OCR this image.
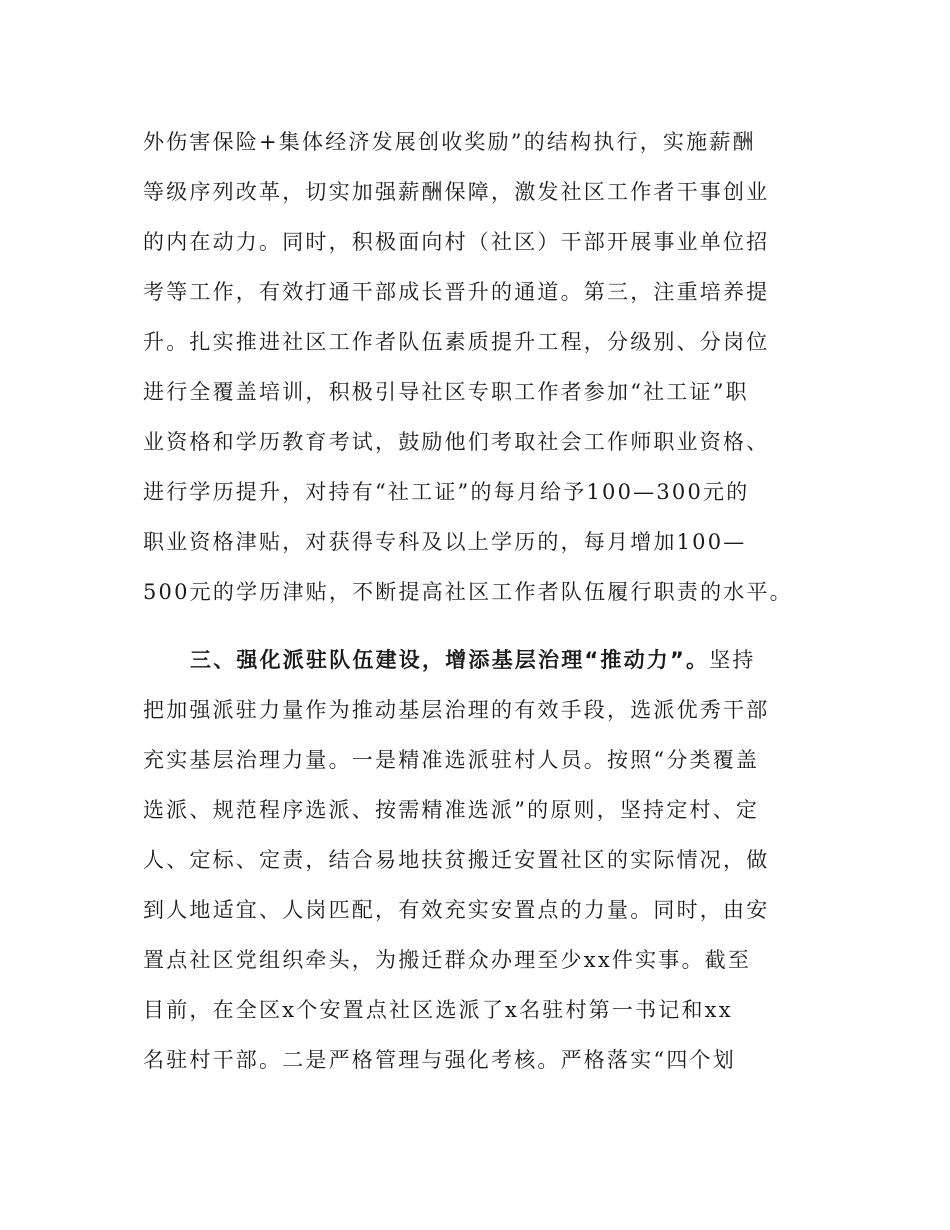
外伤害保险+集体经济发展创收奖励”的结构执行，实施薪酬
等级序列改革，切实加强薪酬保障，激发社区工作者干事创业
的内在动力。同时，积极面向村（社区）干部开展事业单位招
考等工作，有效打通干部成长晋升的通道。第三，注重培养提
升。扎实推进社区工作者队伍素质提升工程，分级别、分岗位
进行全覆盖培训，积极引导社区专职工作者参加“社工证”职
业资格和学历教育考试，鼓励他们考取社会工作师职业资格、
进行学历提升，对持有“社工证”的每月给予100—300元的
职业资格津贴，对获得专科及以上学历的，每月增加100—
500元的学历津贴，不断提高社区工作者队伍履行职责的水平。
三、强化派驻队伍建设，增添基层治理“推动力”。坚持
把加强派驻力量作为推动基层治理的有效手段，选派优秀干部
充实基层治理力量。一是精准选派驻村人员。按照“分类覆盖
选派、规范程序选派、按需精准选派”的原则，坚持定村、定
人、定标、定责，结合易地扶贫搬迁安置社区的实际情况，做
到人地适宜、人岗匹配，有效充实安置点的力量。同时，由安
置点社区党组织牵头，为搬迁群众办理至少xx件实事。截至
目前，在全区x个安置点社区选派了x名驻村第一书记和xx
名驻村干部。二是严格管理与强化考核。严格落实“四个划
